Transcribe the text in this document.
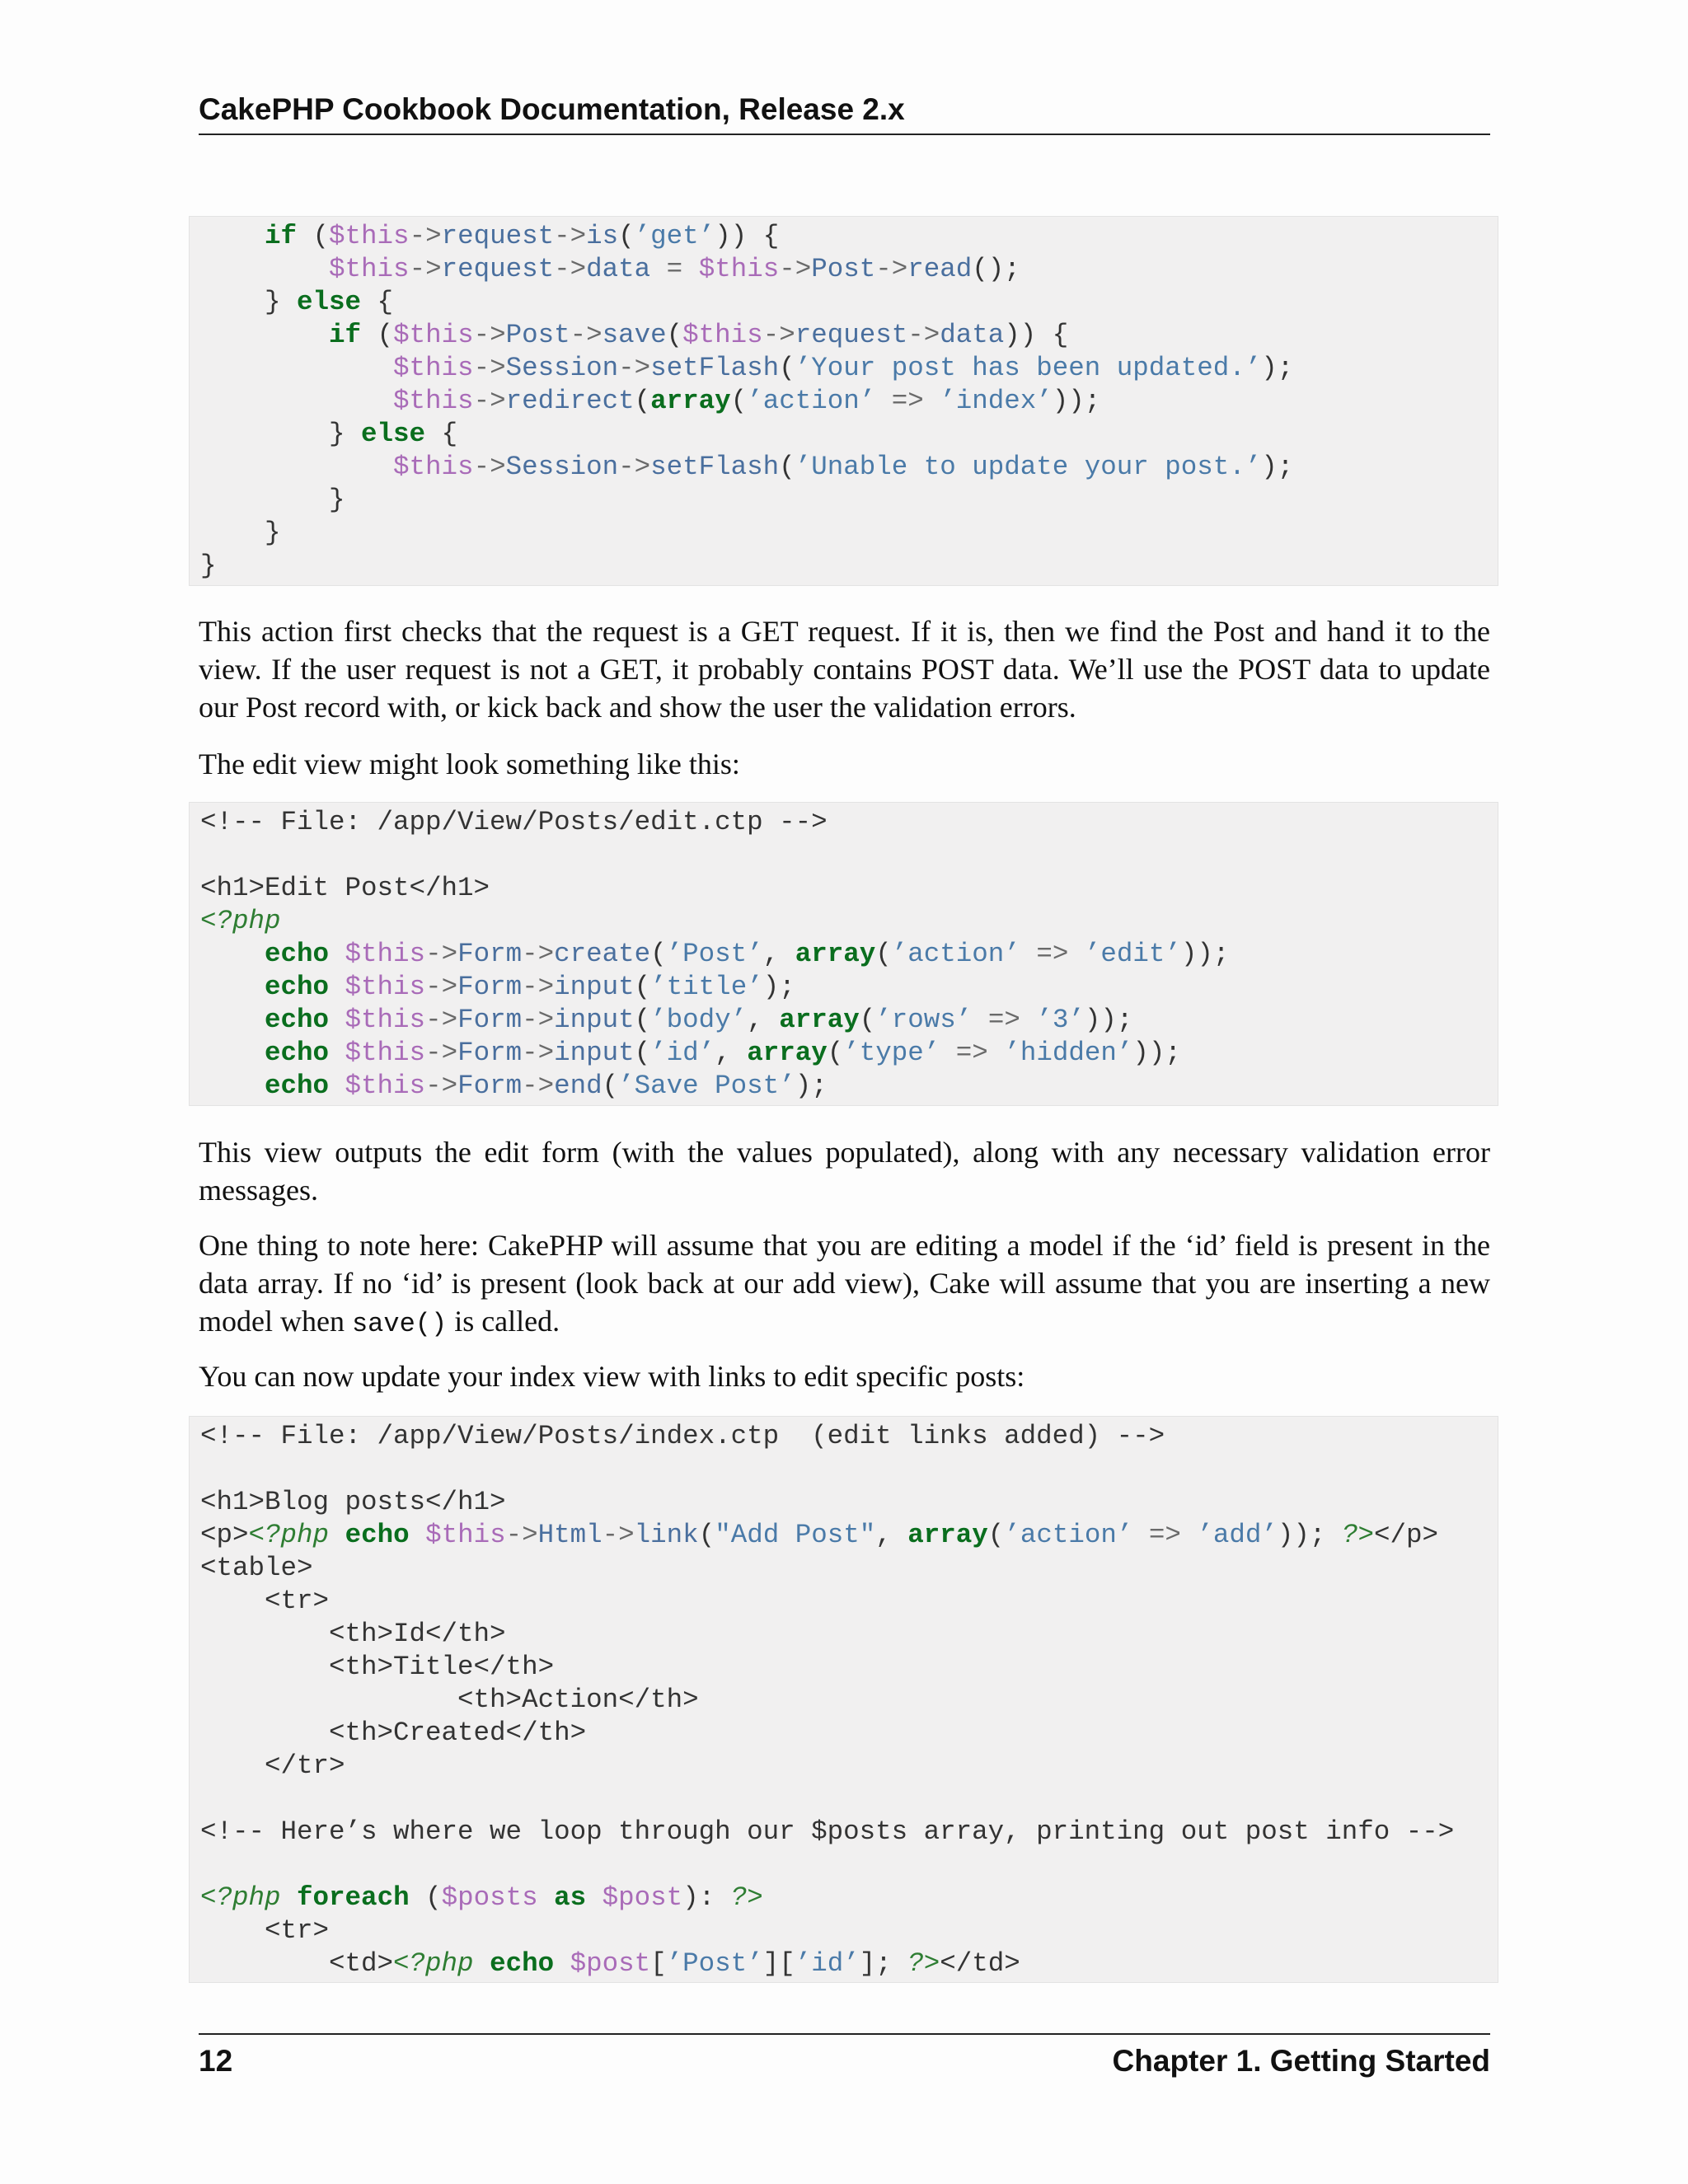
CakePHP Cookbook Documentation, Release 2.x
if ($this->request->is(’get’)) {
$this->request->data = $this->Post->read();
} else {
if ($this->Post->save($this->request->data)) {
$this->Session->setFlash(’Your post has been updated.’);
$this->redirect(array(’action’ => ’index’));
} else {
$this->Session->setFlash(’Unable to update your post.’);
}
}
}

This action first checks that the request is a GET request. If it is, then we find the Post and hand it to the view. If the user request is not a GET, it probably contains POST data. We’ll use the POST data to update our Post record with, or kick back and show the user the validation errors.

The edit view might look something like this:

<!-- File: /app/View/Posts/edit.ctp -->
<h1>Edit Post</h1>
<?php
echo $this->Form->create(’Post’, array(’action’ => ’edit’));
echo $this->Form->input(’title’);
echo $this->Form->input(’body’, array(’rows’ => ’3’));
echo $this->Form->input(’id’, array(’type’ => ’hidden’));
echo $this->Form->end(’Save Post’);

This view outputs the edit form (with the values populated), along with any necessary validation error messages.

One thing to note here: CakePHP will assume that you are editing a model if the ‘id’ field is present in the data array. If no ‘id’ is present (look back at our add view), Cake will assume that you are inserting a new model when save() is called.

You can now update your index view with links to edit specific posts:

<!-- File: /app/View/Posts/index.ctp  (edit links added) -->
<h1>Blog posts</h1>
<p><?php echo $this->Html->link("Add Post", array(’action’ => ’add’)); ?></p>
<table>
<tr>
<th>Id</th>
<th>Title</th>
<th>Action</th>
<th>Created</th>
</tr>
<!-- Here’s where we loop through our $posts array, printing out post info -->
<?php foreach ($posts as $post): ?>
<tr>
<td><?php echo $post[’Post’][’id’]; ?></td>
12	Chapter 1. Getting Started
